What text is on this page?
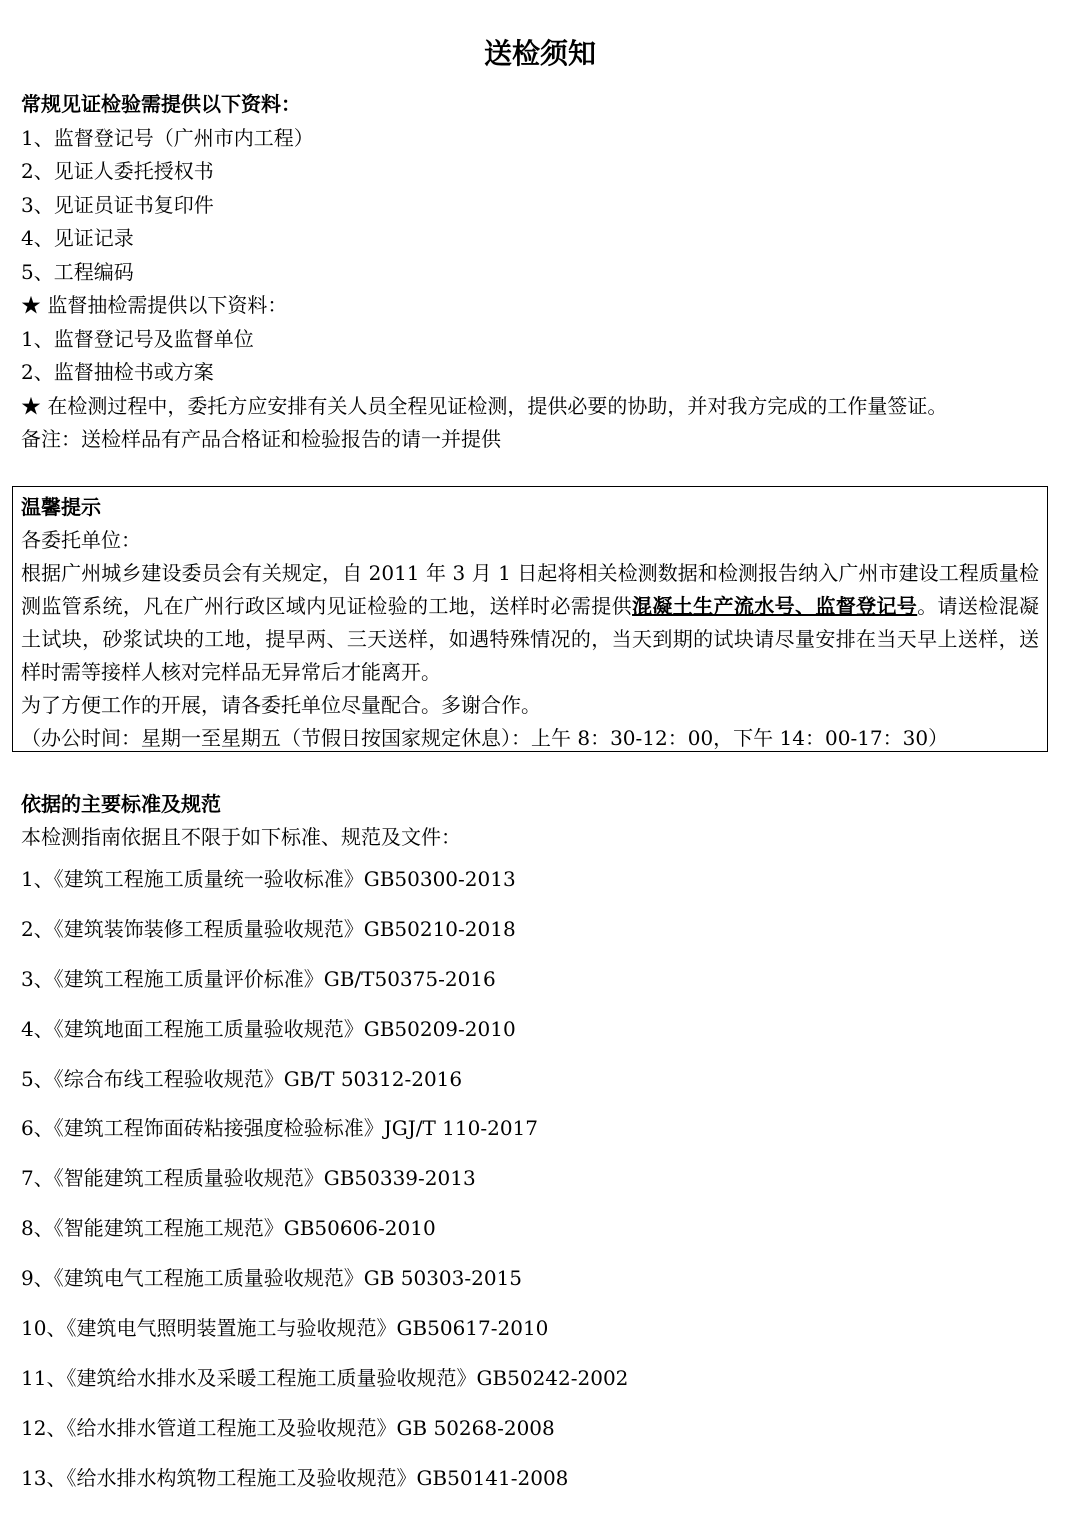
送检须知
常规见证检验需提供以下资料：
1、监督登记号（广州市内工程）
2、见证人委托授权书
3、见证员证书复印件
4、见证记录
5、工程编码
★ 监督抽检需提供以下资料：
1、监督登记号及监督单位
2、监督抽检书或方案
★ 在检测过程中，委托方应安排有关人员全程见证检测，提供必要的协助，并对我方完成的工作量签证。
备注：送检样品有产品合格证和检验报告的请一并提供
温馨提示
各委托单位：
根据广州城乡建设委员会有关规定，自 2011 年 3 月 1 日起将相关检测数据和检测报告纳入广州市建设工程质量检测监管系统，凡在广州行政区域内见证检验的工地，送样时必需提供混凝土生产流水号、监督登记号。请送检混凝土试块，砂浆试块的工地，提早两、三天送样，如遇特殊情况的，当天到期的试块请尽量安排在当天早上送样，送样时需等接样人核对完样品无异常后才能离开。
为了方便工作的开展，请各委托单位尽量配合。多谢合作。
（办公时间：星期一至星期五（节假日按国家规定休息）：上午 8：30-12：00，下午 14：00-17：30）
依据的主要标准及规范
本检测指南依据且不限于如下标准、规范及文件：
1、《建筑工程施工质量统一验收标准》GB50300-2013
2、《建筑装饰装修工程质量验收规范》GB50210-2018
3、《建筑工程施工质量评价标准》GB/T50375-2016
4、《建筑地面工程施工质量验收规范》GB50209-2010
5、《综合布线工程验收规范》GB/T 50312-2016
6、《建筑工程饰面砖粘接强度检验标准》JGJ/T 110-2017
7、《智能建筑工程质量验收规范》GB50339-2013
8、《智能建筑工程施工规范》GB50606-2010
9、《建筑电气工程施工质量验收规范》GB 50303-2015
10、《建筑电气照明装置施工与验收规范》GB50617-2010
11、《建筑给水排水及采暖工程施工质量验收规范》GB50242-2002
12、《给水排水管道工程施工及验收规范》GB 50268-2008
13、《给水排水构筑物工程施工及验收规范》GB50141-2008
